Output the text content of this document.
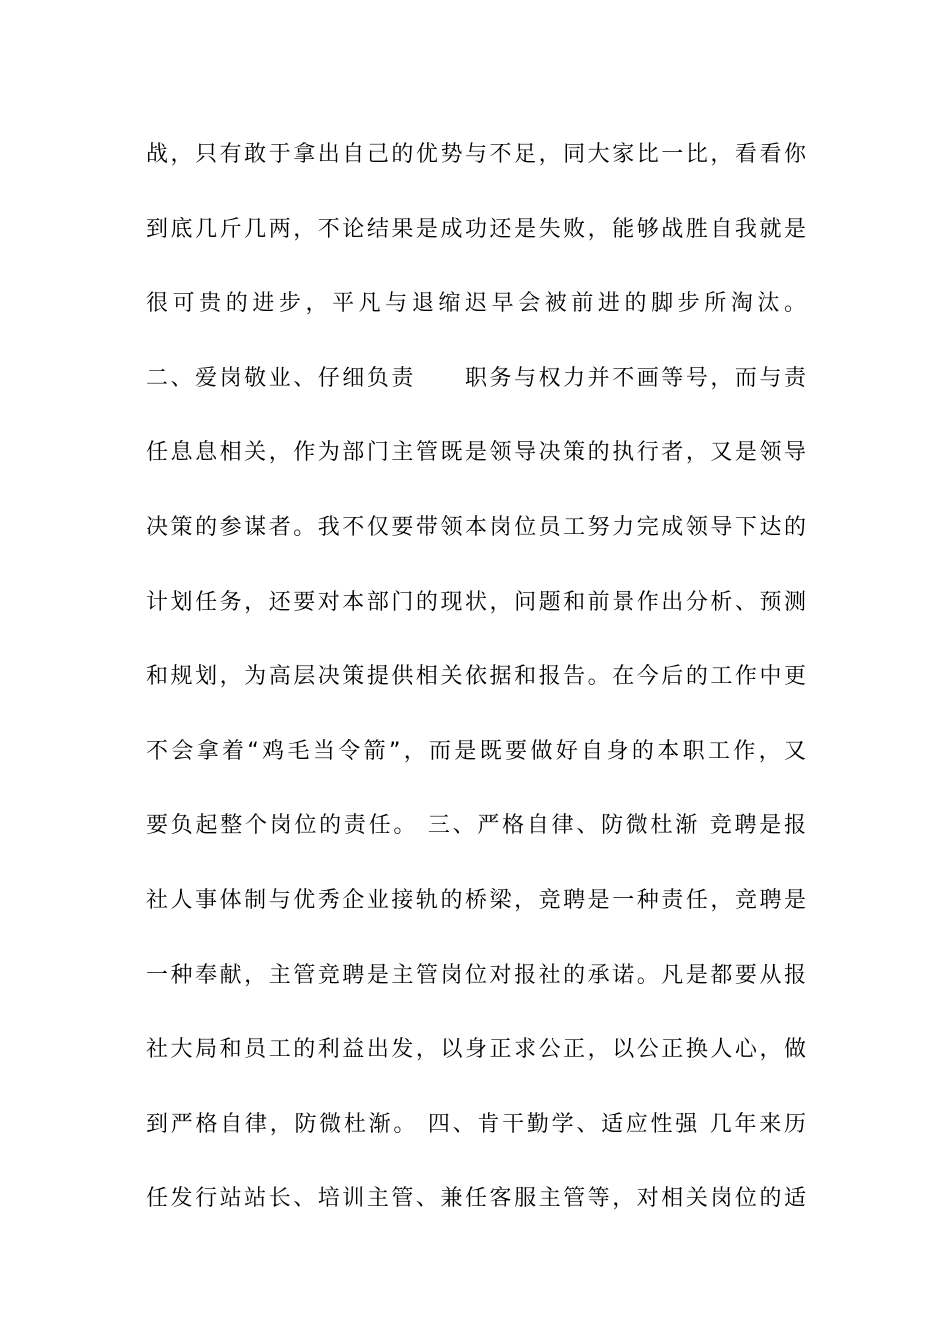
战，只有敢于拿出自己的优势与不足，同大家比一比，看看你
到底几斤几两，不论结果是成功还是失败，能够战胜自我就是
很可贵的进步，平凡与退缩迟早会被前进的脚步所淘汰。
二、爱岗敬业、仔细负责　　职务与权力并不画等号，而与责
任息息相关，作为部门主管既是领导决策的执行者，又是领导
决策的参谋者。我不仅要带领本岗位员工努力完成领导下达的
计划任务，还要对本部门的现状，问题和前景作出分析、预测
和规划，为高层决策提供相关依据和报告。在今后的工作中更
不会拿着“鸡毛当令箭”，而是既要做好自身的本职工作，又
要负起整个岗位的责任。 三、严格自律、防微杜渐 竞聘是报
社人事体制与优秀企业接轨的桥梁，竞聘是一种责任，竞聘是
一种奉献，主管竞聘是主管岗位对报社的承诺。凡是都要从报
社大局和员工的利益出发，以身正求公正，以公正换人心，做
到严格自律，防微杜渐。 四、肯干勤学、适应性强 几年来历
任发行站站长、培训主管、兼任客服主管等，对相关岗位的适
